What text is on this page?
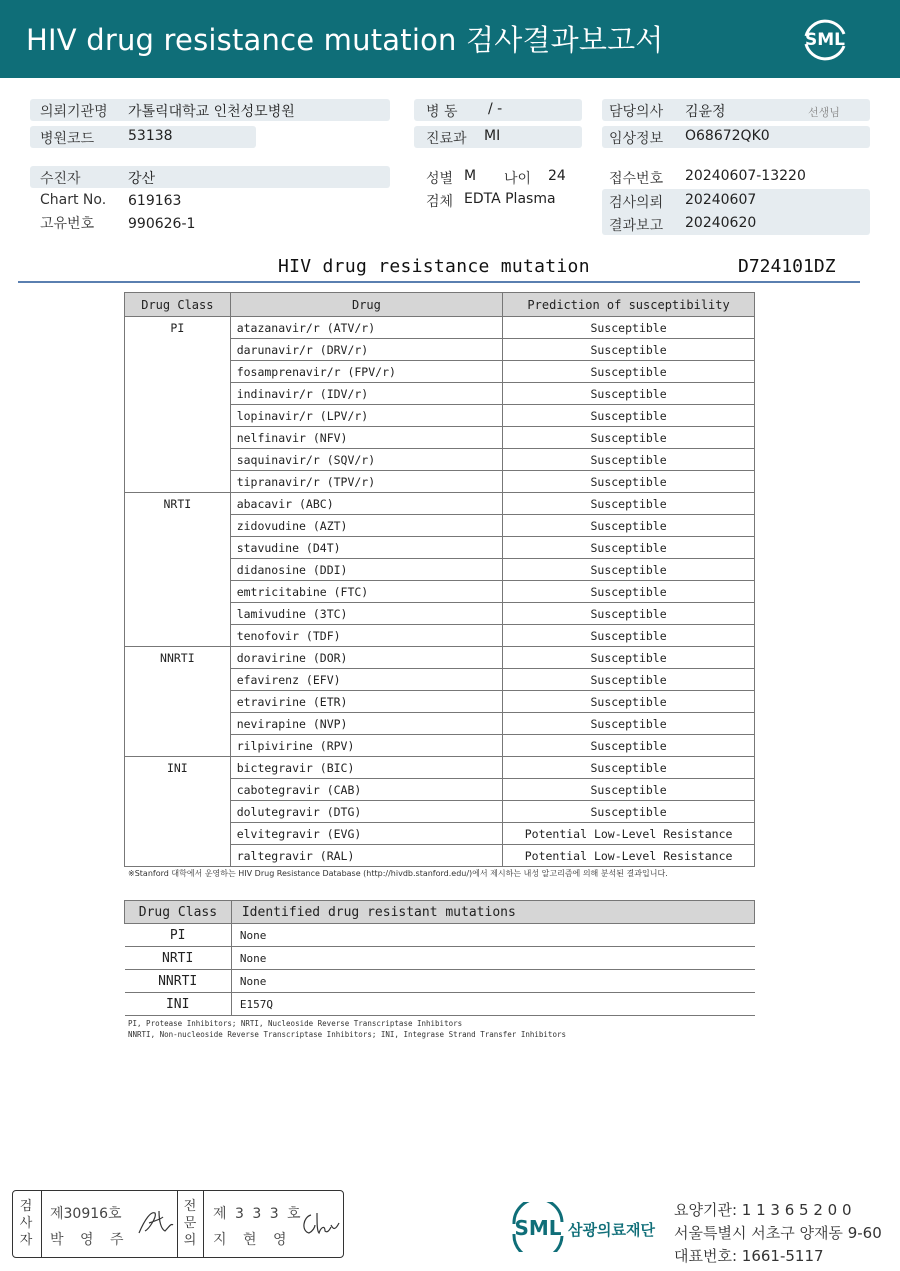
HIV drug resistance mutation 검사결과보고서	SML
의뢰기관명 가톨릭대학교 인천성모병원	병 동 / -	담당의사 김윤정	선생님
병원코드 53138	진료과 MI	임상정보 O68672QK0
수진자	강산
Chart No. 619163
고유번호 990626-1
성별 M 나이 24
검체 EDTA Plasma
접수번호 20240607-13220
검사의뢰 20240607
결과보고 20240620
HIV drug resistance mutation	D724101DZ
Drug Class	Drug	Prediction of susceptibility
PI	atazanavir/r (ATV/r)	Susceptible
	darunavir/r (DRV/r)	Susceptible
	fosamprenavir/r (FPV/r)	Susceptible
	indinavir/r (IDV/r)	Susceptible
	lopinavir/r (LPV/r)	Susceptible
	nelfinavir (NFV)	Susceptible
	saquinavir/r (SQV/r)	Susceptible
	tipranavir/r (TPV/r)	Susceptible
NRTI	abacavir (ABC)	Susceptible
	zidovudine (AZT)	Susceptible
	stavudine (D4T)	Susceptible
	didanosine (DDI)	Susceptible
	emtricitabine (FTC)	Susceptible
	lamivudine (3TC)	Susceptible
	tenofovir (TDF)	Susceptible
NNRTI	doravirine (DOR)	Susceptible
	efavirenz (EFV)	Susceptible
	etravirine (ETR)	Susceptible
	nevirapine (NVP)	Susceptible
	rilpivirine (RPV)	Susceptible
INI	bictegravir (BIC)	Susceptible
	cabotegravir (CAB)	Susceptible
	dolutegravir (DTG)	Susceptible
	elvitegravir (EVG)	Potential Low-Level Resistance
	raltegravir (RAL)	Potential Low-Level Resistance
※Stanford 대학에서 운영하는 HIV Drug Resistance Database (http://hivdb.stanford.edu/)에서 제시하는 내성 알고리즘에 의해 분석된 결과입니다.
Drug Class	Identified drug resistant mutations
PI	None
NRTI	None
NNRTI	None
INI	E157Q
PI, Protease Inhibitors; NRTI, Nucleoside Reverse Transcriptase Inhibitors
NNRTI, Non-nucleoside Reverse Transcriptase Inhibitors; INI, Integrase Strand Transfer Inhibitors
검사자
제30916호
박 영 주
전문의
제 3 3 3 호
지 현 영	SML 삼광의료재단
요양기관: 1 1 3 6 5 2 0 0
서울특별시 서초구 양재동 9-60
대표번호: 1661-5117
